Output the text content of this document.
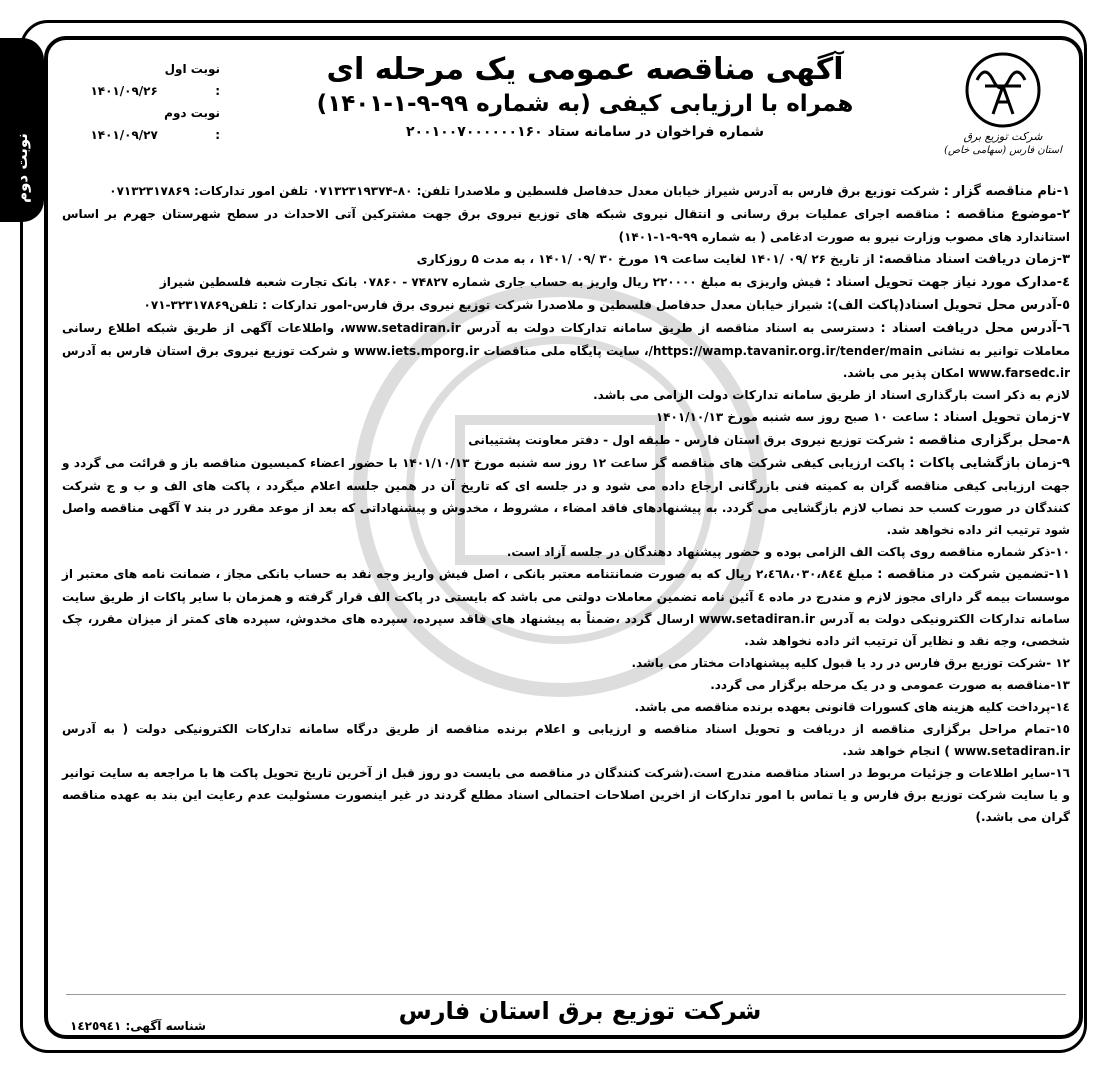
نوبت دوم	شرکت توزیع برق
استان فارس (سهامی خاص)
نوبت اول : ۱۴۰۱/۰۹/۲۶
نوبت دوم : ۱۴۰۱/۰۹/۲۷
آگهی مناقصه عمومی یک مرحله ای
همراه با ارزیابی کیفی (به شماره ۹۹-۹-۱-۱۴۰۱)
شماره فراخوان در سامانه ستاد ۲۰۰۱۰۰۷۰۰۰۰۰۰۱۶۰
۱-نام مناقصه گزار : شرکت توزیع برق فارس به آدرس شیراز خیابان معدل حدفاصل فلسطین و ملاصدرا تلفن: ۸۰-۰۷۱۳۲۳۱۹۳۷۴ تلفن امور تدارکات: ۰۷۱۳۲۳۱۷۸۶۹
۲-موضوع مناقصه : مناقصه اجرای عملیات برق رسانی و انتقال نیروی شبکه های توزیع نیروی برق جهت مشترکین آتی الاحداث در سطح شهرستان جهرم بر اساس استاندارد های مصوب وزارت نیرو به صورت ادغامی ( به شماره ۹۹-۹-۱-۱۴۰۱)
۳-زمان دریافت اسناد مناقصه: از تاریخ ۲۶ /۰۹ /۱۴۰۱ لغایت ساعت ۱۹ مورخ ۳۰ /۰۹ /۱۴۰۱ ، به مدت ۵ روزکاری
٤-مدارک مورد نیاز جهت تحویل اسناد : فیش واریزی به مبلغ ۲۲۰۰۰۰ ریال واریز به حساب جاری شماره ۷۴۸۲۷ - ۰۷۸۶۰ بانک تجارت شعبه فلسطین شیراز
٥-آدرس محل تحویل اسناد(پاکت الف): شیراز خیابان معدل حدفاصل فلسطین و ملاصدرا شرکت توزیع نیروی برق فارس-امور تدارکات : تلفن۳۲۳۱۷۸۶۹-۰۷۱
٦-آدرس محل دریافت اسناد : دسترسی به اسناد مناقصه از طریق سامانه تدارکات دولت به آدرس www.setadiran.ir، واطلاعات آگهی از طریق شبکه اطلاع رسانی معاملات توانیر به نشانی https://wamp.tavanir.org.ir/tender/main/، سایت پایگاه ملی مناقصات www.iets.mporg.ir و شرکت توزیع نیروی برق استان فارس به آدرس www.farsedc.ir امکان پذیر می باشد.
لازم به ذکر است بارگذاری اسناد از طریق سامانه تدارکات دولت الزامی می باشد.
۷-زمان تحویل اسناد : ساعت ۱۰ صبح روز سه شنبه مورخ ۱۴۰۱/۱۰/۱۳
۸-محل برگزاری مناقصه : شرکت توزیع نیروی برق استان فارس - طبقه اول - دفتر معاونت پشتیبانی
۹-زمان بازگشایی پاکات : پاکت ارزیابی کیفی شرکت های مناقصه گر ساعت ۱۲ روز سه شنبه مورخ ۱۴۰۱/۱۰/۱۳ با حضور اعضاء کمیسیون مناقصه باز و قرائت می گردد و جهت ارزیابی کیفی مناقصه گران به کمیته فنی بازرگانی ارجاع داده می شود و در جلسه ای که تاریخ آن در همین جلسه اعلام میگردد ، پاکت های الف و ب و ج شرکت کنندگان در صورت کسب حد نصاب لازم بازگشایی می گردد. به پیشنهادهای فاقد امضاء ، مشروط ، مخدوش و پیشنهاداتی که بعد از موعد مقرر در بند ۷ آگهی مناقصه واصل شود ترتیب اثر داده نخواهد شد.
۱۰-ذکر شماره مناقصه روی پاکت الف الزامی بوده و حضور پیشنهاد دهندگان در جلسه آزاد است.
۱۱-تضمین شرکت در مناقصه : مبلغ ۲،٤٦۸،۰۳۰،۸٤٤ ریال که به صورت ضمانتنامه معتبر بانکی ، اصل فیش واریز وجه نقد به حساب بانکی مجاز ، ضمانت نامه های معتبر از موسسات بیمه گر دارای مجوز لازم و مندرج در ماده ٤ آئین نامه تضمین معاملات دولتی می باشد که بایستی در پاکت الف قرار گرفته و همزمان با سایر پاکات از طریق سایت سامانه تدارکات الکترونیکی دولت به آدرس www.setadiran.ir ارسال گردد ،ضمناً به پیشنهاد های فاقد سپرده، سپرده های مخدوش، سپرده های کمتر از میزان مقرر، چک شخصی، وجه نقد و نظایر آن ترتیب اثر داده نخواهد شد.
۱۲ -شرکت توزیع برق فارس در رد یا قبول کلیه پیشنهادات مختار می باشد.
۱۳-مناقصه به صورت عمومی و در یک مرحله برگزار می گردد.
١٤-پرداخت کلیه هزینه های کسورات قانونی بعهده برنده مناقصه می باشد.
١٥-تمام مراحل برگزاری مناقصه از دریافت و تحویل اسناد مناقصه و ارزیابی و اعلام برنده مناقصه از طریق درگاه سامانه تدارکات الکترونیکی دولت ( به آدرس www.setadiran.ir ) انجام خواهد شد.
١٦-سایر اطلاعات و جزئیات مربوط در اسناد مناقصه مندرج است.(شرکت کنندگان در مناقصه می بایست دو روز قبل از آخرین تاریخ تحویل پاکت ها با مراجعه به سایت توانیر و یا سایت شرکت توزیع برق فارس و یا تماس با امور تدارکات از اخرین اصلاحات احتمالی اسناد مطلع گردند در غیر اینصورت مسئولیت عدم رعایت این بند به عهده مناقصه گران می باشد.)
شرکت توزیع برق استان فارس
شناسه آگهی: ۱٤۲٥۹٤۱
